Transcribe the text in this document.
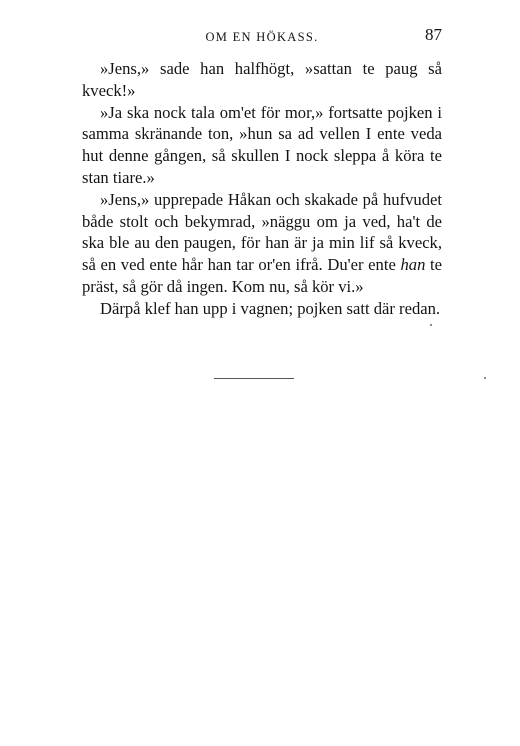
OM EN HÖKASS.	87

»Jens,» sade han halfhögt, »sattan te paug så kveck!»

»Ja ska nock tala om'et för mor,» fortsatte pojken i samma skränande ton, »hun sa ad vellen I ente veda hut denne gången, så skullen I nock sleppa å köra te stan tiare.»

»Jens,» upprepade Håkan och skakade på hufvudet både stolt och bekymrad, »näggu om ja ved, ha't de ska ble au den paugen, för han är ja min lif så kveck, så en ved ente hår han tar or'en ifrå. Du'er ente han te präst, så gör då ingen. Kom nu, så kör vi.»

Därpå klef han upp i vagnen; pojken satt där redan.
